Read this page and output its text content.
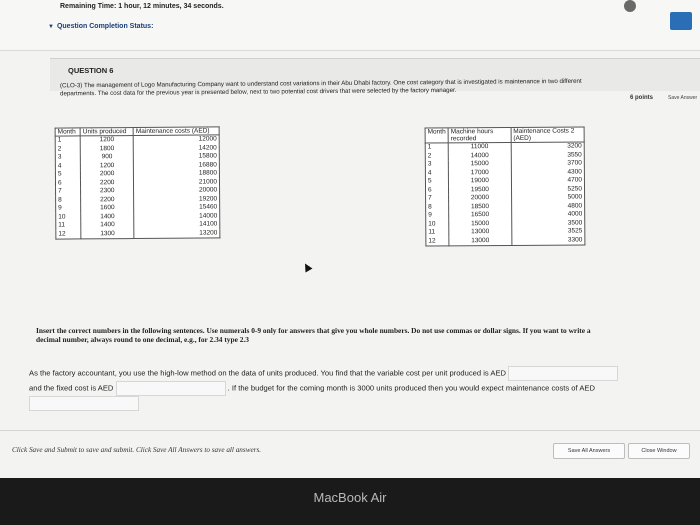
Remaining Time: 1 hour, 12 minutes, 34 seconds.
▼ Question Completion Status:
QUESTION 6
6 points	Save Answer
(CLO-3) The management of Logo Manufacturing Company want to understand cost variations in their Abu Dhabi factory. One cost category that is investigated is maintenance in two different departments. The cost data for the previous year is presented below, next to two potential cost drivers that were selected by the factory manager.
Month	Units produced	Maintenance costs (AED)
1	1200	12000
2	1800	14200
3	900	15800
4	1200	16880
5	2000	18800
6	2200	21000
7	2300	20000
8	2200	19200
9	1600	15460
10	1400	14000
11	1400	14100
12	1300	13200
Month	Machine hours recorded	Maintenance Costs 2 (AED)
1	11000	3200
2	14000	3550
3	15000	3700
4	17000	4300
5	19000	4700
6	19500	5250
7	20000	5000
8	18500	4800
9	16500	4000
10	15000	3500
11	13000	3525
12	13000	3300
Insert the correct numbers in the following sentences. Use numerals 0-9 only for answers that give you whole numbers. Do not use commas or dollar signs. If you want to write a decimal number, always round to one decimal, e.g., for 2.34 type 2.3
As the factory accountant, you use the high-low method on the data of units produced. You find that the variable cost per unit produced is AED  and the fixed cost is AED	. If the budget for the coming month is 3000 units produced then you would expect maintenance costs of AED
Click Save and Submit to save and submit. Click Save All Answers to save all answers.	Save All Answers	Close Window
MacBook Air
